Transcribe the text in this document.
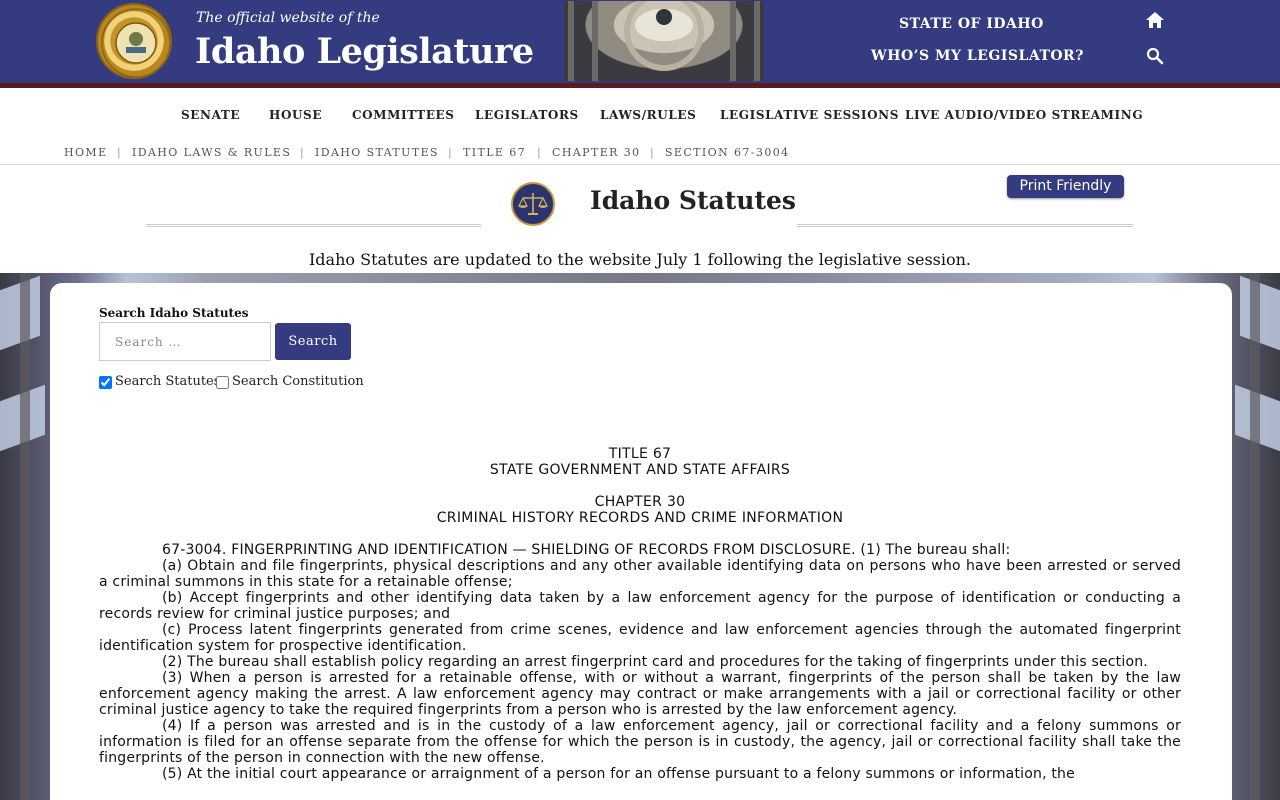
The official website of the
Idaho Legislature
STATE OF IDAHO
WHO’S MY LEGISLATOR?
SENATE HOUSE COMMITTEES LEGISLATORS LAWS/RULES LEGISLATIVE SESSIONS LIVE AUDIO/VIDEO STREAMING
HOME | IDAHO LAWS & RULES | IDAHO STATUTES | TITLE 67 | CHAPTER 30 | SECTION 67-3004
Idaho Statutes	Print Friendly
Idaho Statutes are updated to the website July 1 following the legislative session.
Search Idaho Statutes
Search …
Search
Search Statutes Search Constitution
TITLE 67
STATE GOVERNMENT AND STATE AFFAIRS
CHAPTER 30
CRIMINAL HISTORY RECORDS AND CRIME INFORMATION

67-3004. FINGERPRINTING AND IDENTIFICATION — SHIELDING OF RECORDS FROM DISCLOSURE. (1) The bureau shall:

(a) Obtain and file fingerprints, physical descriptions and any other available identifying data on persons who have been arrested or served a criminal summons in this state for a retainable offense;

(b) Accept fingerprints and other identifying data taken by a law enforcement agency for the purpose of identification or conducting a records review for criminal justice purposes; and

(c) Process latent fingerprints generated from crime scenes, evidence and law enforcement agencies through the automated fingerprint identification system for prospective identification.

(2) The bureau shall establish policy regarding an arrest fingerprint card and procedures for the taking of fingerprints under this section.

(3) When a person is arrested for a retainable offense, with or without a warrant, fingerprints of the person shall be taken by the law enforcement agency making the arrest. A law enforcement agency may contract or make arrangements with a jail or correctional facility or other criminal justice agency to take the required fingerprints from a person who is arrested by the law enforcement agency.

(4) If a person was arrested and is in the custody of a law enforcement agency, jail or correctional facility and a felony summons or information is filed for an offense separate from the offense for which the person is in custody, the agency, jail or correctional facility shall take the fingerprints of the person in connection with the new offense.

(5) At the initial court appearance or arraignment of a person for an offense pursuant to a felony summons or information, the
